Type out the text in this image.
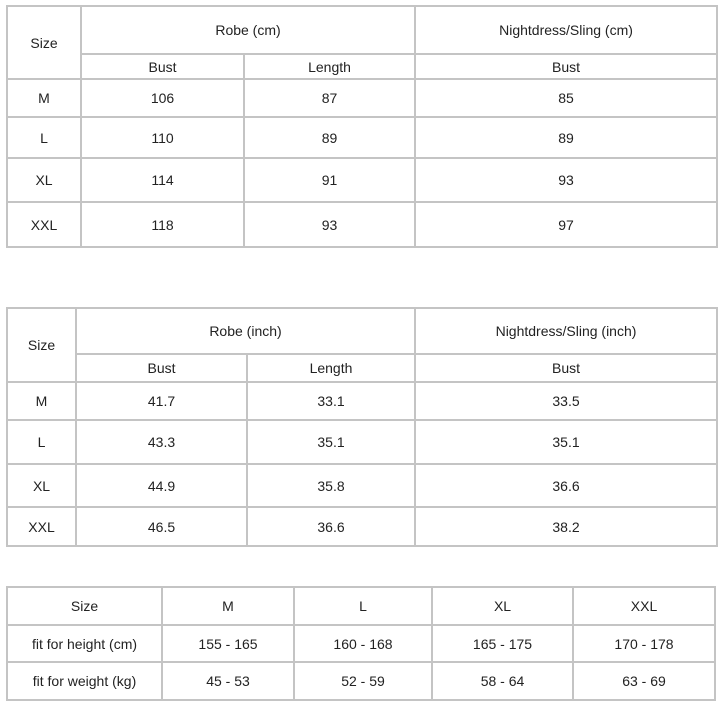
Size	Robe (cm)		Nightdress/Sling (cm)
	Bust	Length	Bust
M	106	87	85
L	110	89	89
XL	114	91	93
XXL	118	93	97
Size	Robe (inch)		Nightdress/Sling (inch)
	Bust	Length	Bust
M	41.7	33.1	33.5
L	43.3	35.1	35.1
XL	44.9	35.8	36.6
XXL	46.5	36.6	38.2
Size	M	L	XL	XXL
fit for height (cm)	155 - 165	160 - 168	165 - 175	170 - 178
fit for weight (kg)	45 - 53	52 - 59	58 - 64	63 - 69
